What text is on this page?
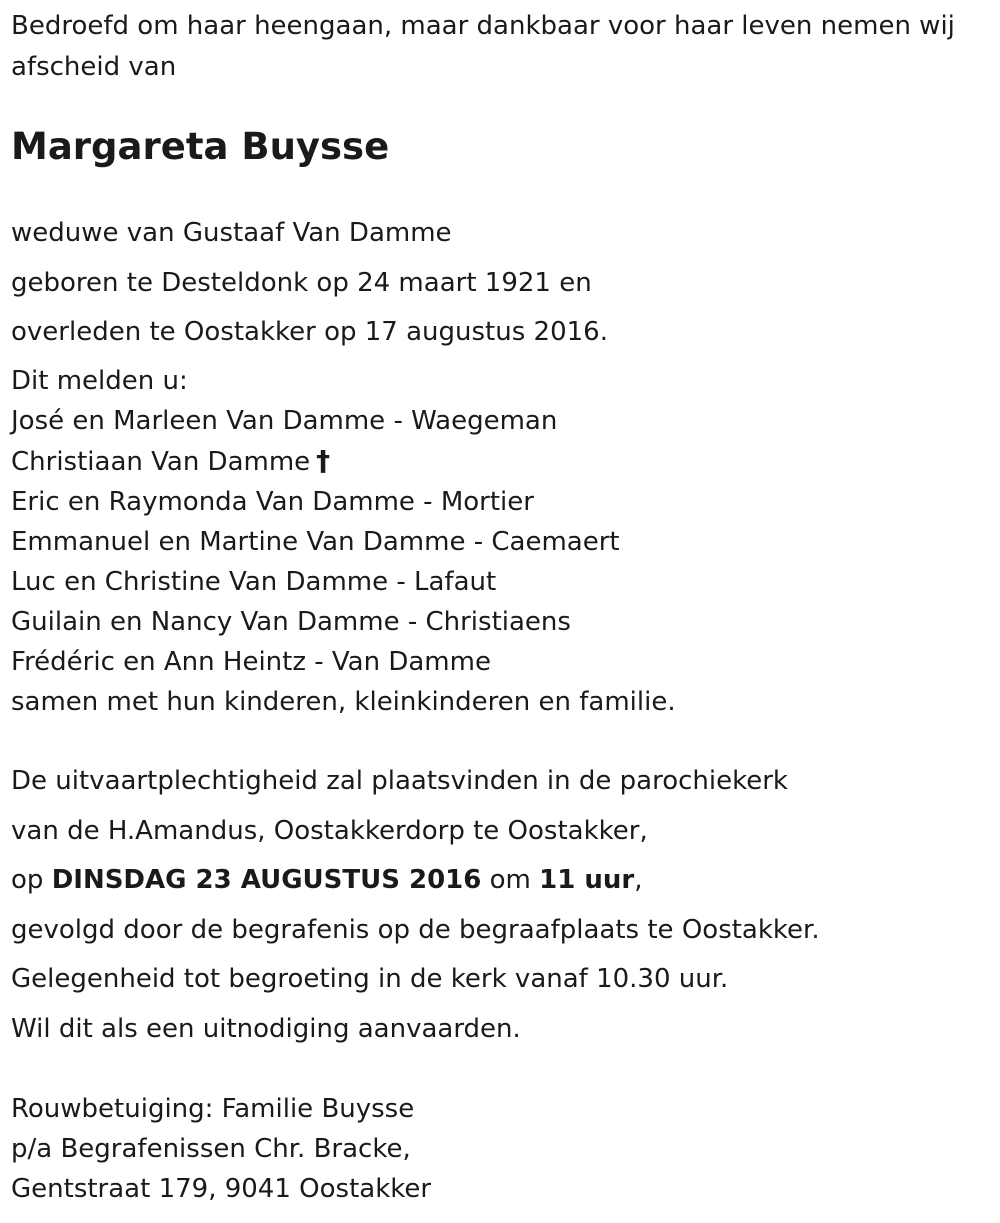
Bedroefd om haar heengaan, maar dankbaar voor haar leven nemen wij afscheid van
Margareta Buysse
weduwe van Gustaaf Van Damme
geboren te Desteldonk op 24 maart 1921 en
overleden te Oostakker op 17 augustus 2016.
Dit melden u:
José en Marleen Van Damme - Waegeman
Christiaan Van Damme †
Eric en Raymonda Van Damme - Mortier
Emmanuel en Martine Van Damme - Caemaert
Luc en Christine Van Damme - Lafaut
Guilain en Nancy Van Damme - Christiaens
Frédéric en Ann Heintz - Van Damme
samen met hun kinderen, kleinkinderen en familie.
De uitvaartplechtigheid zal plaatsvinden in de parochiekerk
van de H.Amandus, Oostakkerdorp te Oostakker,
op DINSDAG 23 AUGUSTUS 2016 om 11 uur,
gevolgd door de begrafenis op de begraafplaats te Oostakker.
Gelegenheid tot begroeting in de kerk vanaf 10.30 uur.
Wil dit als een uitnodiging aanvaarden.
Rouwbetuiging: Familie Buysse
p/a Begrafenissen Chr. Bracke,
Gentstraat 179, 9041 Oostakker
